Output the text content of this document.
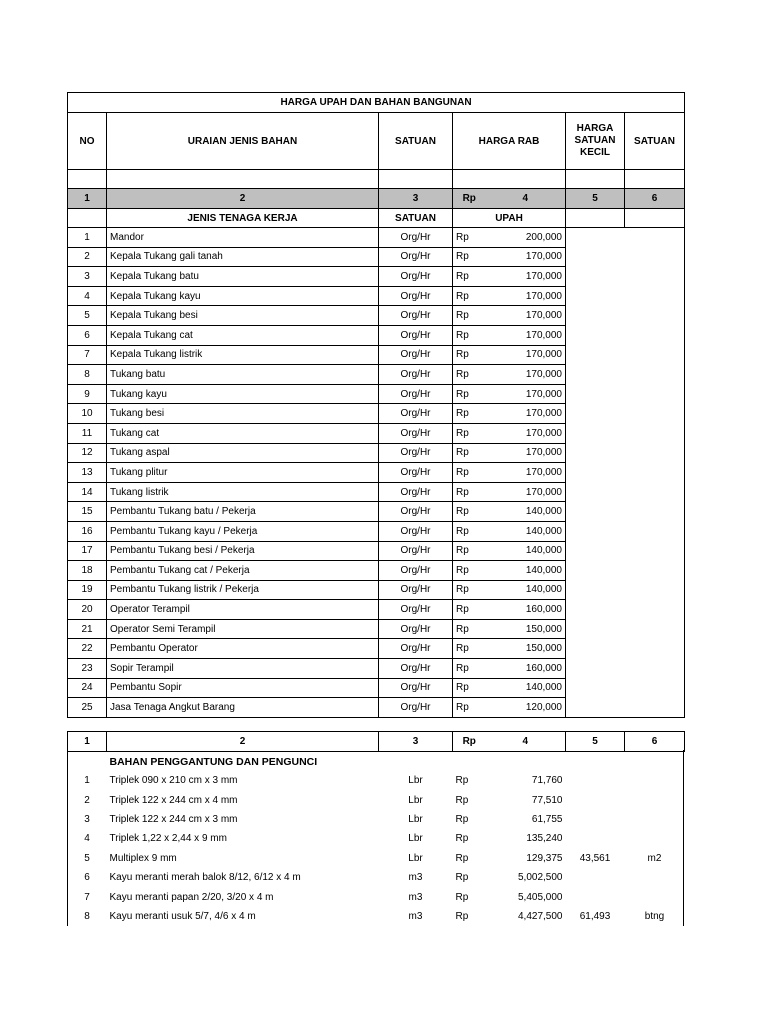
HARGA UPAH DAN BAHAN BANGUNAN						
NO	URAIAN JENIS BAHAN	SATUAN	HARGA RAB		HARGA SATUAN KECIL	SATUAN

1	2	3	Rp	4	5	6
	JENIS TENAGA KERJA	SATUAN	UPAH			
1	Mandor	Org/Hr	Rp	200,000		
2	Kepala Tukang gali tanah	Org/Hr	Rp	170,000		
3	Kepala Tukang batu	Org/Hr	Rp	170,000		
4	Kepala Tukang kayu	Org/Hr	Rp	170,000		
5	Kepala Tukang besi	Org/Hr	Rp	170,000		
6	Kepala Tukang cat	Org/Hr	Rp	170,000		
7	Kepala Tukang listrik	Org/Hr	Rp	170,000		
8	Tukang batu	Org/Hr	Rp	170,000		
9	Tukang kayu	Org/Hr	Rp	170,000		
10	Tukang besi	Org/Hr	Rp	170,000		
11	Tukang cat	Org/Hr	Rp	170,000		
12	Tukang aspal	Org/Hr	Rp	170,000		
13	Tukang plitur	Org/Hr	Rp	170,000		
14	Tukang listrik	Org/Hr	Rp	170,000		
15	Pembantu Tukang batu / Pekerja	Org/Hr	Rp	140,000		
16	Pembantu Tukang kayu / Pekerja	Org/Hr	Rp	140,000		
17	Pembantu Tukang besi / Pekerja	Org/Hr	Rp	140,000		
18	Pembantu Tukang cat / Pekerja	Org/Hr	Rp	140,000		
19	Pembantu Tukang listrik / Pekerja	Org/Hr	Rp	140,000		
20	Operator Terampil	Org/Hr	Rp	160,000		
21	Operator Semi Terampil	Org/Hr	Rp	150,000		
22	Pembantu Operator	Org/Hr	Rp	150,000		
23	Sopir Terampil	Org/Hr	Rp	160,000		
24	Pembantu Sopir	Org/Hr	Rp	140,000		
25	Jasa Tenaga Angkut Barang	Org/Hr	Rp	120,000		
1	2	3	Rp	4	5	6
	BAHAN PENGGANTUNG DAN PENGUNCI					
1	Triplek 090 x 210 cm x 3 mm	Lbr	Rp	71,760		
2	Triplek 122 x 244 cm x 4 mm	Lbr	Rp	77,510		
3	Triplek 122 x 244 cm x 3 mm	Lbr	Rp	61,755		
4	Triplek 1,22 x 2,44 x 9 mm	Lbr	Rp	135,240		
5	Multiplex 9 mm	Lbr	Rp	129,375	43,561	m2
6	Kayu meranti merah balok 8/12, 6/12 x 4 m	m3	Rp	5,002,500		
7	Kayu meranti papan 2/20, 3/20 x 4 m	m3	Rp	5,405,000		
8	Kayu meranti usuk 5/7, 4/6 x 4 m	m3	Rp	4,427,500	61,493	btng
